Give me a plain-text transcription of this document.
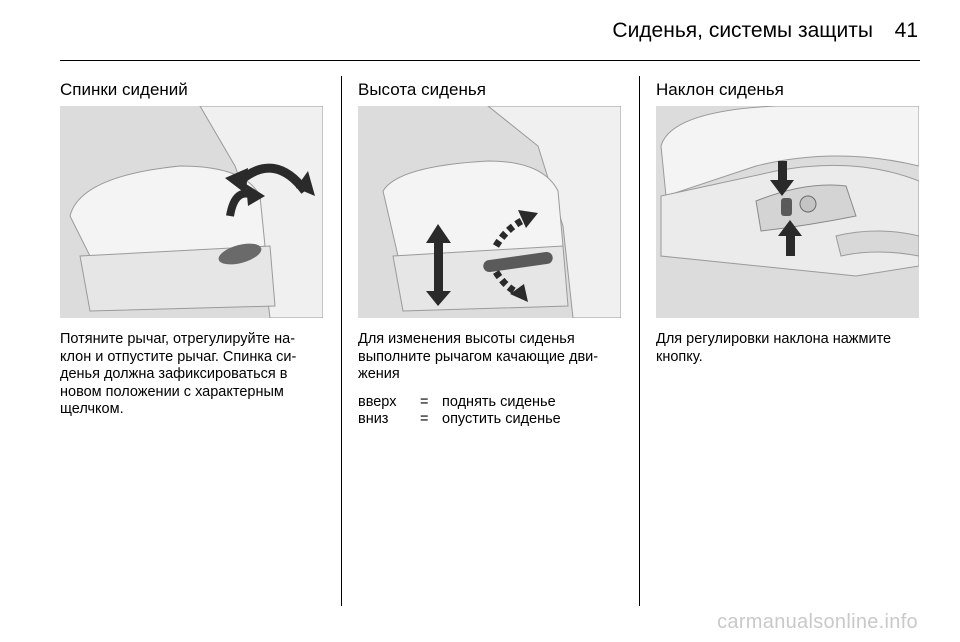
Сиденья, системы защиты 41
Спинки сидений

Потяните рычаг, отрегулируйте на-клон и отпустите рычаг. Спинка си-денья должна зафиксироваться в новом положении с характерным щелчком.

Высота сиденья

Для изменения высоты сиденья выполните рычагом качающие дви-жения

вверх	= поднять сиденье
вниз	= опустить сиденье
Наклон сиденья

Для регулировки наклона нажмите кнопку.

carmanualsonline.info
